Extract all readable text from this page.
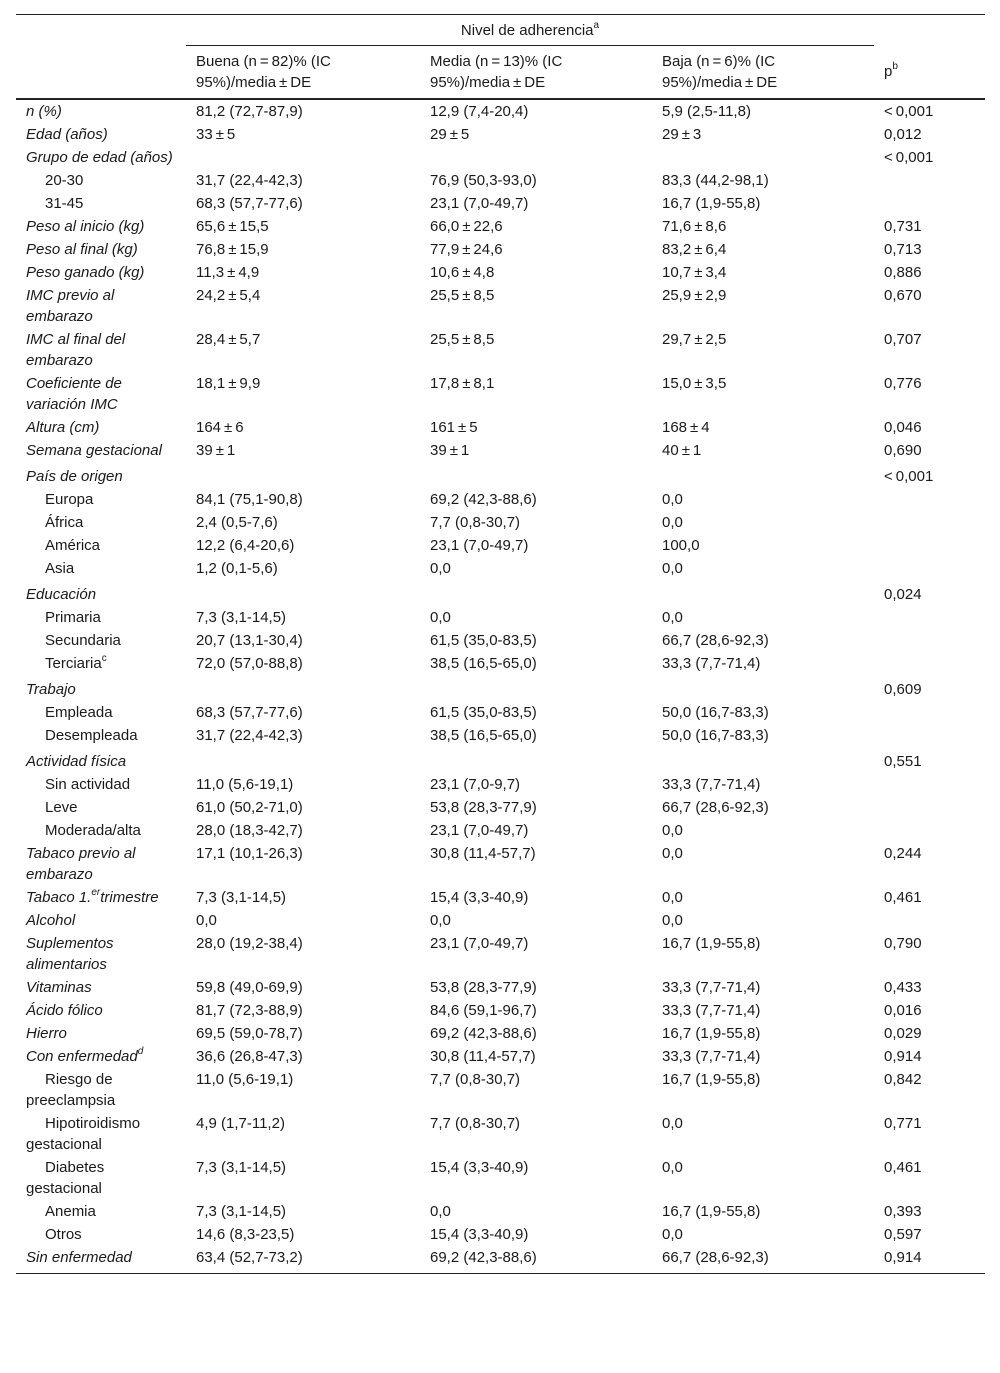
	Nivel de adherencia$^a$	
	Buena (n = 82)% (IC 95%)/media ± DE	Media (n = 13)% (IC 95%)/media ± DE	Baja (n = 6)% (IC 95%)/media ± DE	$p^b$
n (%)	81,2 (72,7-87,9)	12,9 (7,4-20,4)	5,9 (2,5-11,8)	< 0,001
Edad (años)	33 ± 5	29 ± 5	29 ± 3	0,012
Grupo de edad (años)				< 0,001
20-30	31,7 (22,4-42,3)	76,9 (50,3-93,0)	83,3 (44,2-98,1)	
31-45	68,3 (57,7-77,6)	23,1 (7,0-49,7)	16,7 (1,9-55,8)	
Peso al inicio (kg)	65,6 ± 15,5	66,0 ± 22,6	71,6 ± 8,6	0,731
Peso al final (kg)	76,8 ± 15,9	77,9 ± 24,6	83,2 ± 6,4	0,713
Peso ganado (kg)	11,3 ± 4,9	10,6 ± 4,8	10,7 ± 3,4	0,886
IMC previo al embarazo	24,2 ± 5,4	25,5 ± 8,5	25,9 ± 2,9	0,670
IMC al final del embarazo	28,4 ± 5,7	25,5 ± 8,5	29,7 ± 2,5	0,707
Coeficiente de variación IMC	18,1 ± 9,9	17,8 ± 8,1	15,0 ± 3,5	0,776
Altura (cm)	164 ± 6	161 ± 5	168 ± 4	0,046
Semana gestacional	39 ± 1	39 ± 1	40 ± 1	0,690
País de origen				< 0,001
Europa	84,1 (75,1-90,8)	69,2 (42,3-88,6)	0,0	
África	2,4 (0,5-7,6)	7,7 (0,8-30,7)	0,0	
América	12,2 (6,4-20,6)	23,1 (7,0-49,7)	100,0	
Asia	1,2 (0,1-5,6)	0,0	0,0	
Educación				0,024
Primaria	7,3 (3,1-14,5)	0,0	0,0	
Secundaria	20,7 (13,1-30,4)	61,5 (35,0-83,5)	66,7 (28,6-92,3)	
Terciaria$^c$	72,0 (57,0-88,8)	38,5 (16,5-65,0)	33,3 (7,7-71,4)	
Trabajo				0,609
Empleada	68,3 (57,7-77,6)	61,5 (35,0-83,5)	50,0 (16,7-83,3)	
Desempleada	31,7 (22,4-42,3)	38,5 (16,5-65,0)	50,0 (16,7-83,3)	
Actividad física				0,551
Sin actividad	11,0 (5,6-19,1)	23,1 (7,0-9,7)	33,3 (7,7-71,4)	
Leve	61,0 (50,2-71,0)	53,8 (28,3-77,9)	66,7 (28,6-92,3)	
Moderada/alta	28,0 (18,3-42,7)	23,1 (7,0-49,7)	0,0	
Tabaco previo al embarazo	17,1 (10,1-26,3)	30,8 (11,4-57,7)	0,0	0,244
Tabaco 1.$^{er}$trimestre	7,3 (3,1-14,5)	15,4 (3,3-40,9)	0,0	0,461
Alcohol	0,0	0,0	0,0	
Suplementos alimentarios	28,0 (19,2-38,4)	23,1 (7,0-49,7)	16,7 (1,9-55,8)	0,790
Vitaminas	59,8 (49,0-69,9)	53,8 (28,3-77,9)	33,3 (7,7-71,4)	0,433
Ácido fólico	81,7 (72,3-88,9)	84,6 (59,1-96,7)	33,3 (7,7-71,4)	0,016
Hierro	69,5 (59,0-78,7)	69,2 (42,3-88,6)	16,7 (1,9-55,8)	0,029
Con enfermedad$^d$	36,6 (26,8-47,3)	30,8 (11,4-57,7)	33,3 (7,7-71,4)	0,914
Riesgo de preeclampsia	11,0 (5,6-19,1)	7,7 (0,8-30,7)	16,7 (1,9-55,8)	0,842
Hipotiroidismo gestacional	4,9 (1,7-11,2)	7,7 (0,8-30,7)	0,0	0,771
Diabetes gestacional	7,3 (3,1-14,5)	15,4 (3,3-40,9)	0,0	0,461
Anemia	7,3 (3,1-14,5)	0,0	16,7 (1,9-55,8)	0,393
Otros	14,6 (8,3-23,5)	15,4 (3,3-40,9)	0,0	0,597
Sin enfermedad	63,4 (52,7-73,2)	69,2 (42,3-88,6)	66,7 (28,6-92,3)	0,914
